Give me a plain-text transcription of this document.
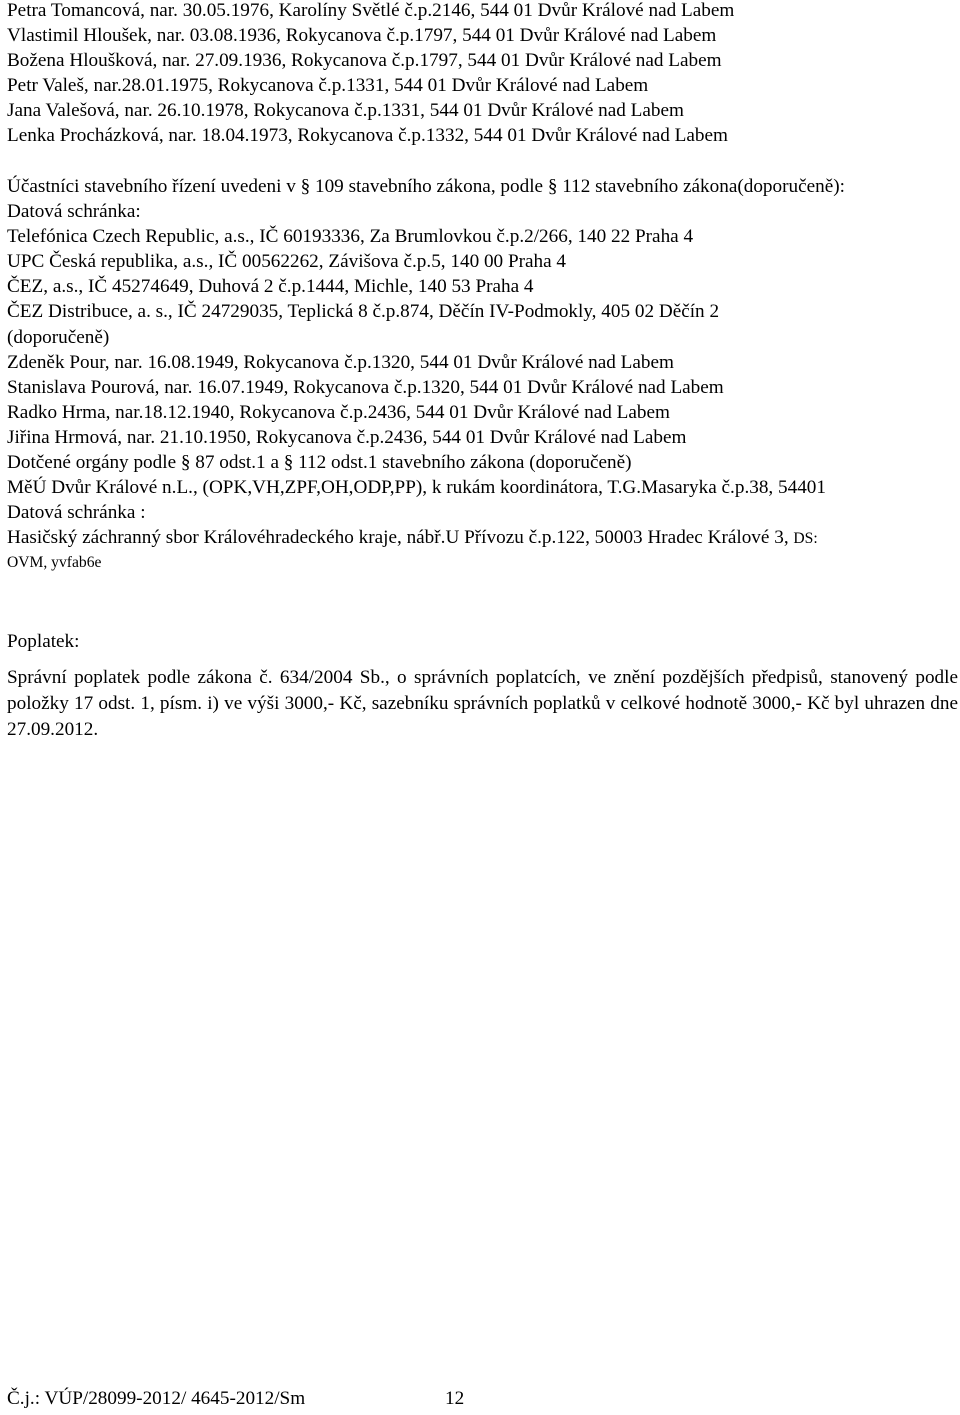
Petra Tomancová, nar. 30.05.1976, Karolíny Světlé č.p.2146, 544 01 Dvůr Králové nad Labem
Vlastimil Hloušek, nar. 03.08.1936, Rokycanova č.p.1797, 544 01 Dvůr Králové nad Labem
Božena Hloušková, nar. 27.09.1936, Rokycanova č.p.1797, 544 01 Dvůr Králové nad Labem
Petr Valeš, nar.28.01.1975, Rokycanova č.p.1331, 544 01 Dvůr Králové nad Labem
Jana Valešová, nar. 26.10.1978, Rokycanova č.p.1331, 544 01 Dvůr Králové nad Labem
Lenka Procházková, nar. 18.04.1973, Rokycanova č.p.1332, 544 01 Dvůr Králové nad Labem
Účastníci stavebního řízení uvedeni v § 109 stavebního zákona, podle § 112 stavebního zákona(doporučeně):
Datová schránka:
Telefónica Czech Republic, a.s., IČ 60193336, Za Brumlovkou č.p.2/266, 140 22 Praha 4
UPC Česká republika, a.s., IČ 00562262, Závišova č.p.5, 140 00 Praha 4
ČEZ, a.s., IČ 45274649, Duhová 2 č.p.1444, Michle, 140 53 Praha 4
ČEZ Distribuce, a. s., IČ 24729035, Teplická 8 č.p.874, Děčín IV-Podmokly, 405 02 Děčín 2
(doporučeně)
Zdeněk Pour, nar. 16.08.1949, Rokycanova č.p.1320, 544 01 Dvůr Králové nad Labem
Stanislava Pourová, nar. 16.07.1949, Rokycanova č.p.1320, 544 01 Dvůr Králové nad Labem
Radko Hrma, nar.18.12.1940, Rokycanova č.p.2436, 544 01 Dvůr Králové nad Labem
Jiřina Hrmová, nar. 21.10.1950, Rokycanova č.p.2436, 544 01 Dvůr Králové nad Labem
Dotčené orgány podle § 87 odst.1 a § 112 odst.1 stavebního zákona (doporučeně)
MěÚ Dvůr Králové n.L., (OPK,VH,ZPF,OH,ODP,PP), k rukám koordinátora, T.G.Masaryka č.p.38, 54401
Datová schránka :
Hasičský záchranný sbor Královéhradeckého kraje, nábř.U Přívozu č.p.122, 50003 Hradec Králové 3, DS:
OVM, yvfab6e
Poplatek:
Správní poplatek podle zákona č. 634/2004 Sb., o správních poplatcích, ve znění pozdějších předpisů, stanovený podle položky 17 odst. 1, písm. i) ve výši 3000,- Kč, sazebníku správních poplatků v celkové hodnotě 3000,- Kč byl uhrazen dne 27.09.2012.
Č.j.: VÚP/28099-2012/ 4645-2012/Sm	12
